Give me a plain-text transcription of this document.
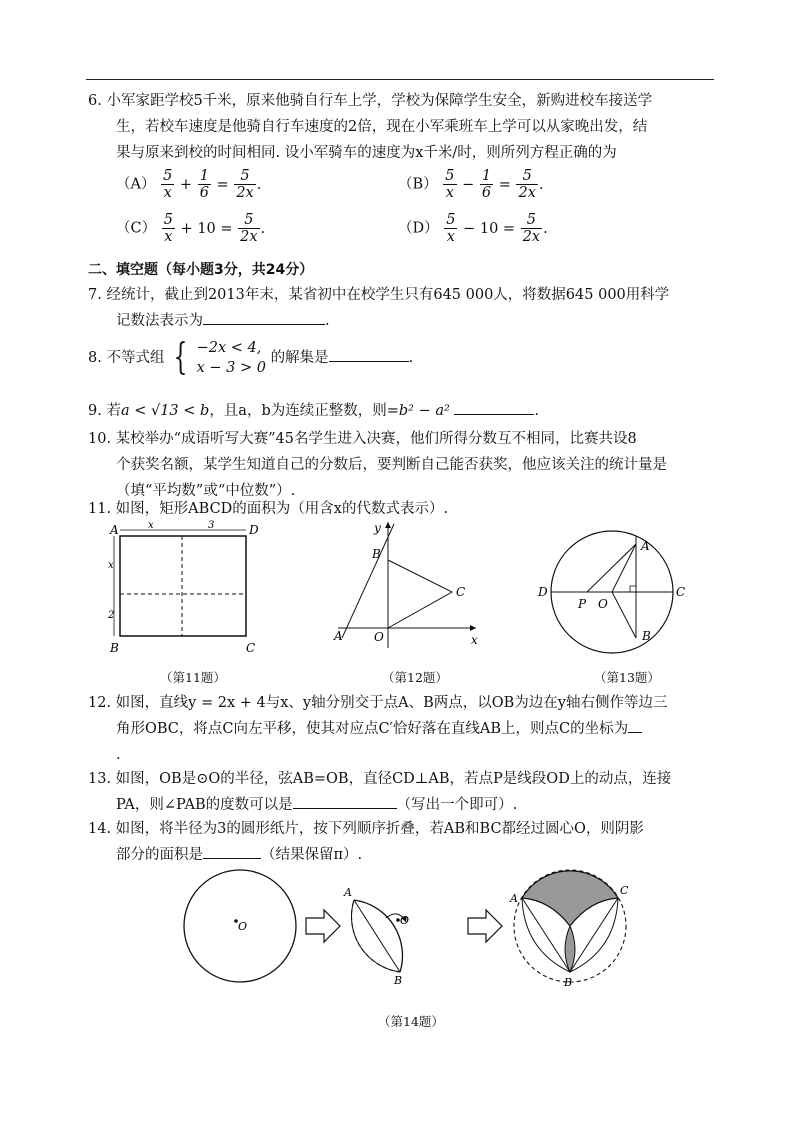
6. 小军家距学校5千米，原来他骑自行车上学，学校为保障学生安全，新购进校车接送学
生，若校车速度是他骑自行车速度的2倍，现在小军乘班车上学可以从家晚出发，结
果与原来到校的时间相同. 设小军骑车的速度为x千米/时，则所列方程正确的为
$(A) \frac{5}{x} + \frac{1}{6} = \frac{5}{2x}$ .	$(B) \frac{5}{x} - \frac{1}{6} = \frac{5}{2x}$ .
$(C) \frac{5}{x} + 10 = \frac{5}{2x}$ .	$(D) \frac{5}{x} - 10 = \frac{5}{2x}$ .
二、填空题（每小题3分，共24分）
7. 经统计，截止到2013年末，某省初中在校学生只有645 000人，将数据645 000用科学
记数法表示为	.
8. 不等式组 { −2x < 4,
x − 3 > 0
的解集是	.
9. 若a < √13 < b，且a，b为连续正整数，则=b² − a²	.
10. 某校举办“成语听写大赛”45名学生进入决赛，他们所得分数互不相同，比赛共设8
个获奖名额，某学生知道自己的分数后，要判断自己能否获奖，他应该关注的统计量是
（填“平均数”或“中位数”）.
11. 如图，矩形ABCD的面积为（用含x的代数式表示）.
A
B	C
D
x	3
x
2
y
x
A
B
C
O
A
B
C
D
P O
（第11题）	（第12题）	（第13题）
12. 如图，直线y = 2x + 4与x、y轴分别交于点A、B两点，以OB为边在y轴右侧作等边三
角形OBC，将点C向左平移，使其对应点C′恰好落在直线AB上，则点C的坐标为
.
13. 如图，OB是⊙O的半径，弦AB=OB，直径CD⊥AB，若点P是线段OD上的动点，连接
PA，则∠PAB的度数可以是	（写出一个即可）.
14. 如图，将半径为3的圆形纸片，按下列顺序折叠，若AB和BC都经过圆心O，则阴影
部分的面积是	（结果保留π）.
O
A
B
O
A
B
C
（第14题）
